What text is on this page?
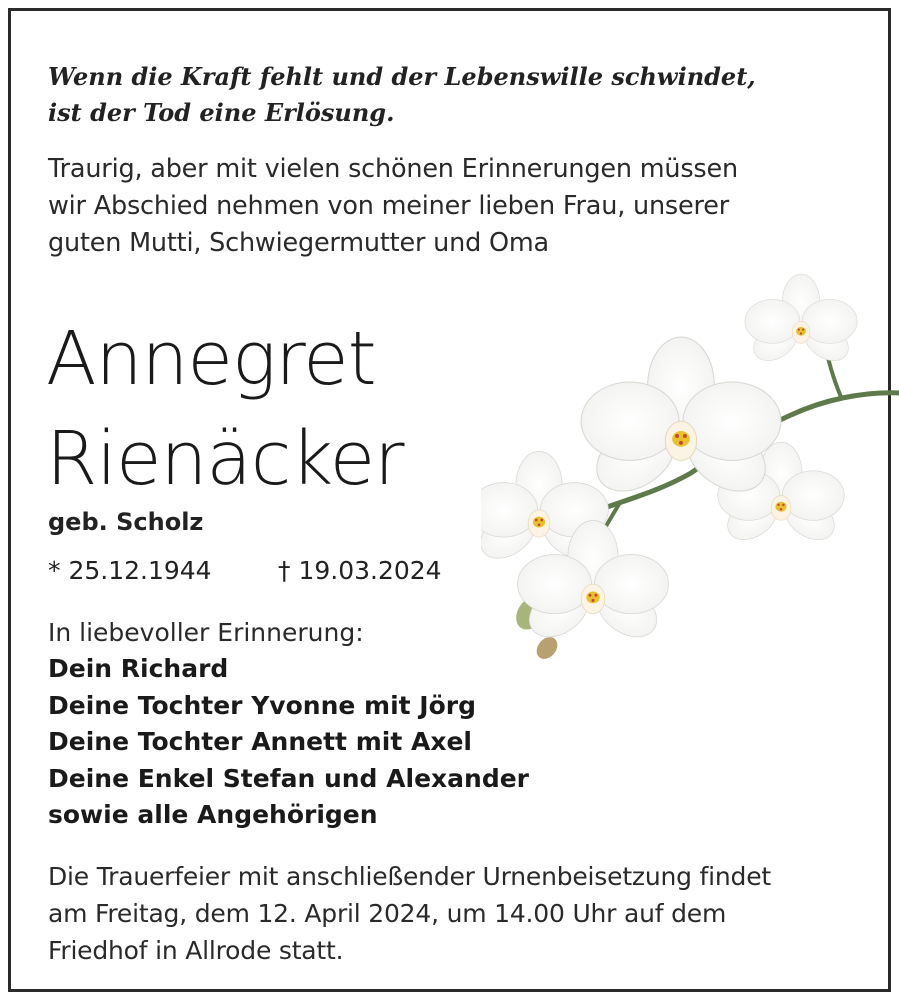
Wenn die Kraft fehlt und der Lebenswille schwindet,
ist der Tod eine Erlösung.
Traurig, aber mit vielen schönen Erinnerungen müssen
wir Abschied nehmen von meiner lieben Frau, unserer
guten Mutti, Schwiegermutter und Oma
Annegret
Rienäcker
geb. Scholz
* 25.12.1944	† 19.03.2024
In liebevoller Erinnerung:
Dein Richard
Deine Tochter Yvonne mit Jörg
Deine Tochter Annett mit Axel
Deine Enkel Stefan und Alexander
sowie alle Angehörigen
Die Trauerfeier mit anschließender Urnenbeisetzung findet
am Freitag, dem 12. April 2024, um 14.00 Uhr auf dem
Friedhof in Allrode statt.
